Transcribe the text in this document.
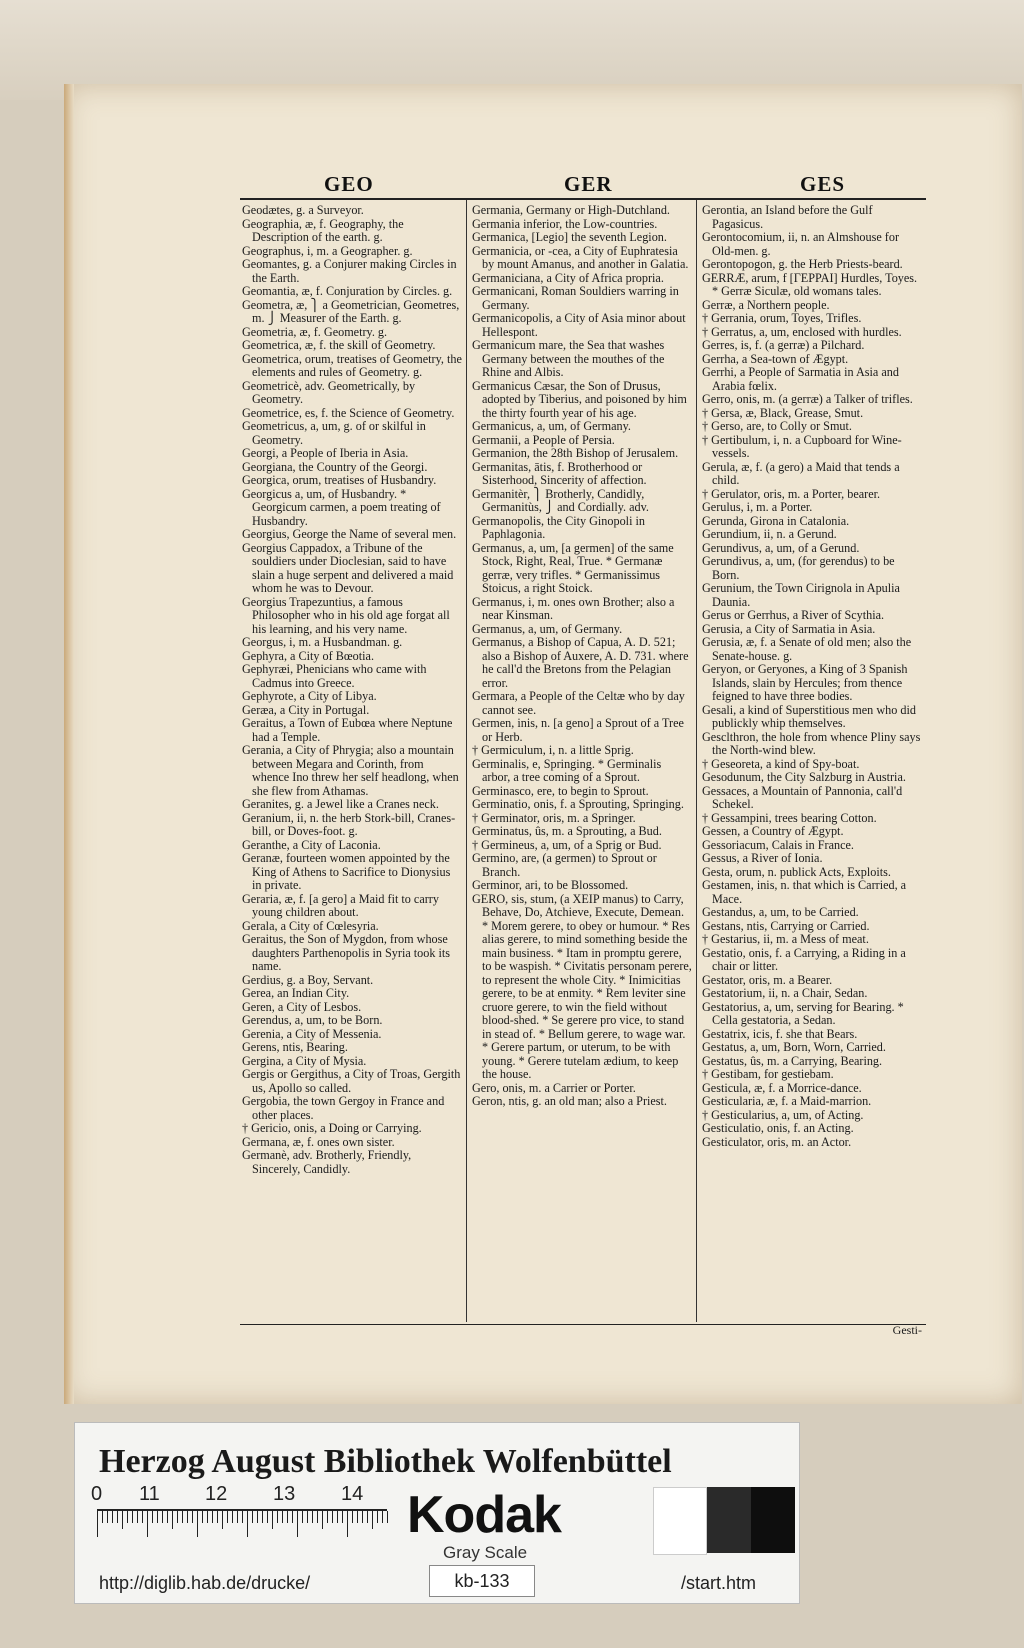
GEO	GER	GES
Geodætes, g. a Surveyor.
Geographia, æ, f. Geography, the Description of the earth. g.
Geographus, i, m. a Geographer. g.
Geomantes, g. a Conjurer making Circles in the Earth.
Geomantia, æ, f. Conjuration by Circles. g.
Geometra, æ, ⎫ a Geometrician, Geometres, m. ⎭ Measurer of the Earth. g.
Geometria, æ, f. Geometry. g.
Geometrica, æ, f. the skill of Geometry.
Geometrica, orum, treatises of Geometry, the elements and rules of Geometry. g.
Geometricè, adv. Geometrically, by Geometry.
Geometrice, es, f. the Science of Geometry.
Geometricus, a, um, g. of or skilful in Geometry.
Georgi, a People of Iberia in Asia.
Georgiana, the Country of the Georgi.
Georgica, orum, treatises of Husbandry.
Georgicus a, um, of Husbandry. * Georgicum carmen, a poem treating of Husbandry.
Georgius, George the Name of several men.
Georgius Cappadox, a Tribune of the souldiers under Dioclesian, said to have slain a huge serpent and delivered a maid whom he was to Devour.
Georgius Trapezuntius, a famous Philosopher who in his old age forgat all his learning, and his very name.
Georgus, i, m. a Husbandman. g.
Gephyra, a City of Bœotia.
Gephyræi, Phenicians who came with Cadmus into Greece.
Gephyrote, a City of Libya.
Geræa, a City in Portugal.
Geraitus, a Town of Eubœa where Neptune had a Temple.
Gerania, a City of Phrygia; also a mountain between Megara and Corinth, from whence Ino threw her self headlong, when she flew from Athamas.
Geranites, g. a Jewel like a Cranes neck.
Geranium, ii, n. the herb Stork-bill, Cranes-bill, or Doves-foot. g.
Geranthe, a City of Laconia.
Geranæ, fourteen women appointed by the King of Athens to Sacrifice to Dionysius in private.
Geraria, æ, f. [a gero] a Maid fit to carry young children about.
Gerala, a City of Cœlesyria.
Geraitus, the Son of Mygdon, from whose daughters Parthenopolis in Syria took its name.
Gerdius, g. a Boy, Servant.
Gerea, an Indian City.
Geren, a City of Lesbos.
Gerendus, a, um, to be Born.
Gerenia, a City of Messenia.
Gerens, ntis, Bearing.
Gergina, a City of Mysia.
Gergis or Gergithus, a City of Troas, Gergith us, Apollo so called.
Gergobia, the town Gergoy in France and other places.
† Gericio, onis, a Doing or Carrying.
Germana, æ, f. ones own sister.
Germanè, adv. Brotherly, Friendly, Sincerely, Candidly.
Germania, Germany or High-Dutchland.
Germania inferior, the Low-countries.
Germanica, [Legio] the seventh Legion.
Germanicia, or -cea, a City of Euphratesia by mount Amanus, and another in Galatia.
Germaniciana, a City of Africa propria.
Germanicani, Roman Souldiers warring in Germany.
Germanicopolis, a City of Asia minor about Hellespont.
Germanicum mare, the Sea that washes Germany between the mouthes of the Rhine and Albis.
Germanicus Cæsar, the Son of Drusus, adopted by Tiberius, and poisoned by him the thirty fourth year of his age.
Germanicus, a, um, of Germany.
Germanii, a People of Persia.
Germanion, the 28th Bishop of Jerusalem.
Germanitas, ātis, f. Brotherhood or Sisterhood, Sincerity of affection.
Germanitèr, ⎫ Brotherly, Candidly, Germanitùs, ⎭ and Cordially. adv.
Germanopolis, the City Ginopoli in Paphlagonia.
Germanus, a, um, [a germen] of the same Stock, Right, Real, True. * Germanæ gerræ, very trifles. * Germanissimus Stoicus, a right Stoick.
Germanus, i, m. ones own Brother; also a near Kinsman.
Germanus, a, um, of Germany.
Germanus, a Bishop of Capua, A. D. 521; also a Bishop of Auxere, A. D. 731. where he call'd the Bretons from the Pelagian error.
Germara, a People of the Celtæ who by day cannot see.
Germen, inis, n. [a geno] a Sprout of a Tree or Herb.
† Germiculum, i, n. a little Sprig.
Germinalis, e, Springing. * Germinalis arbor, a tree coming of a Sprout.
Germinasco, ere, to begin to Sprout.
Germinatio, onis, f. a Sprouting, Springing.
† Germinator, oris, m. a Springer.
Germinatus, ûs, m. a Sprouting, a Bud.
† Germineus, a, um, of a Sprig or Bud.
Germino, are, (a germen) to Sprout or Branch.
Germinor, ari, to be Blossomed.
GERO, sis, stum, (a XEIP manus) to Carry, Behave, Do, Atchieve, Execute, Demean. * Morem gerere, to obey or humour. * Res alias gerere, to mind something beside the main business. * Itam in promptu gerere, to be waspish. * Civitatis personam perere, to represent the whole City. * Inimicitias gerere, to be at enmity. * Rem leviter sine cruore gerere, to win the field without blood-shed. * Se gerere pro vice, to stand in stead of. * Bellum gerere, to wage war. * Gerere partum, or uterum, to be with young. * Gerere tutelam ædium, to keep the house.
Gero, onis, m. a Carrier or Porter.
Geron, ntis, g. an old man; also a Priest.
Gerontia, an Island before the Gulf Pagasicus.
Gerontocomium, ii, n. an Almshouse for Old-men. g.
Gerontopogon, g. the Herb Priests-beard.
GERRÆ, arum, f [ΓΕΡΡΑΙ] Hurdles, Toyes. * Gerræ Siculæ, old womans tales.
Gerræ, a Northern people.
† Gerrania, orum, Toyes, Trifles.
† Gerratus, a, um, enclosed with hurdles.
Gerres, is, f. (a gerræ) a Pilchard.
Gerrha, a Sea-town of Ægypt.
Gerrhi, a People of Sarmatia in Asia and Arabia fœlix.
Gerro, onis, m. (a gerræ) a Talker of trifles.
† Gersa, æ, Black, Grease, Smut.
† Gerso, are, to Colly or Smut.
† Gertibulum, i, n. a Cupboard for Wine-vessels.
Gerula, æ, f. (a gero) a Maid that tends a child.
† Gerulator, oris, m. a Porter, bearer.
Gerulus, i, m. a Porter.
Gerunda, Girona in Catalonia.
Gerundium, ii, n. a Gerund.
Gerundivus, a, um, of a Gerund.
Gerundivus, a, um, (for gerendus) to be Born.
Gerunium, the Town Cirignola in Apulia Daunia.
Gerus or Gerrhus, a River of Scythia.
Gerusia, a City of Sarmatia in Asia.
Gerusia, æ, f. a Senate of old men; also the Senate-house. g.
Geryon, or Geryones, a King of 3 Spanish Islands, slain by Hercules; from thence feigned to have three bodies.
Gesali, a kind of Superstitious men who did publickly whip themselves.
Gesclthron, the hole from whence Pliny says the North-wind blew.
† Geseoreta, a kind of Spy-boat.
Gesodunum, the City Salzburg in Austria.
Gessaces, a Mountain of Pannonia, call'd Schekel.
† Gessampini, trees bearing Cotton.
Gessen, a Country of Ægypt.
Gessoriacum, Calais in France.
Gessus, a River of Ionia.
Gesta, orum, n. publick Acts, Exploits.
Gestamen, inis, n. that which is Carried, a Mace.
Gestandus, a, um, to be Carried.
Gestans, ntis, Carrying or Carried.
† Gestarius, ii, m. a Mess of meat.
Gestatio, onis, f. a Carrying, a Riding in a chair or litter.
Gestator, oris, m. a Bearer.
Gestatorium, ii, n. a Chair, Sedan.
Gestatorius, a, um, serving for Bearing. * Cella gestatoria, a Sedan.
Gestatrix, icis, f. she that Bears.
Gestatus, a, um, Born, Worn, Carried.
Gestatus, ûs, m. a Carrying, Bearing.
† Gestibam, for gestiebam.
Gesticula, æ, f. a Morrice-dance.
Gesticularia, æ, f. a Maid-marrion.
† Gesticularius, a, um, of Acting.
Gesticulatio, onis, f. an Acting.
Gesticulator, oris, m. an Actor.
Gesti-
Herzog August Bibliothek Wolfenbüttel
0 11 12 13 14 Kodak
Gray Scale
kb-133
http://diglib.hab.de/drucke/	/start.htm
